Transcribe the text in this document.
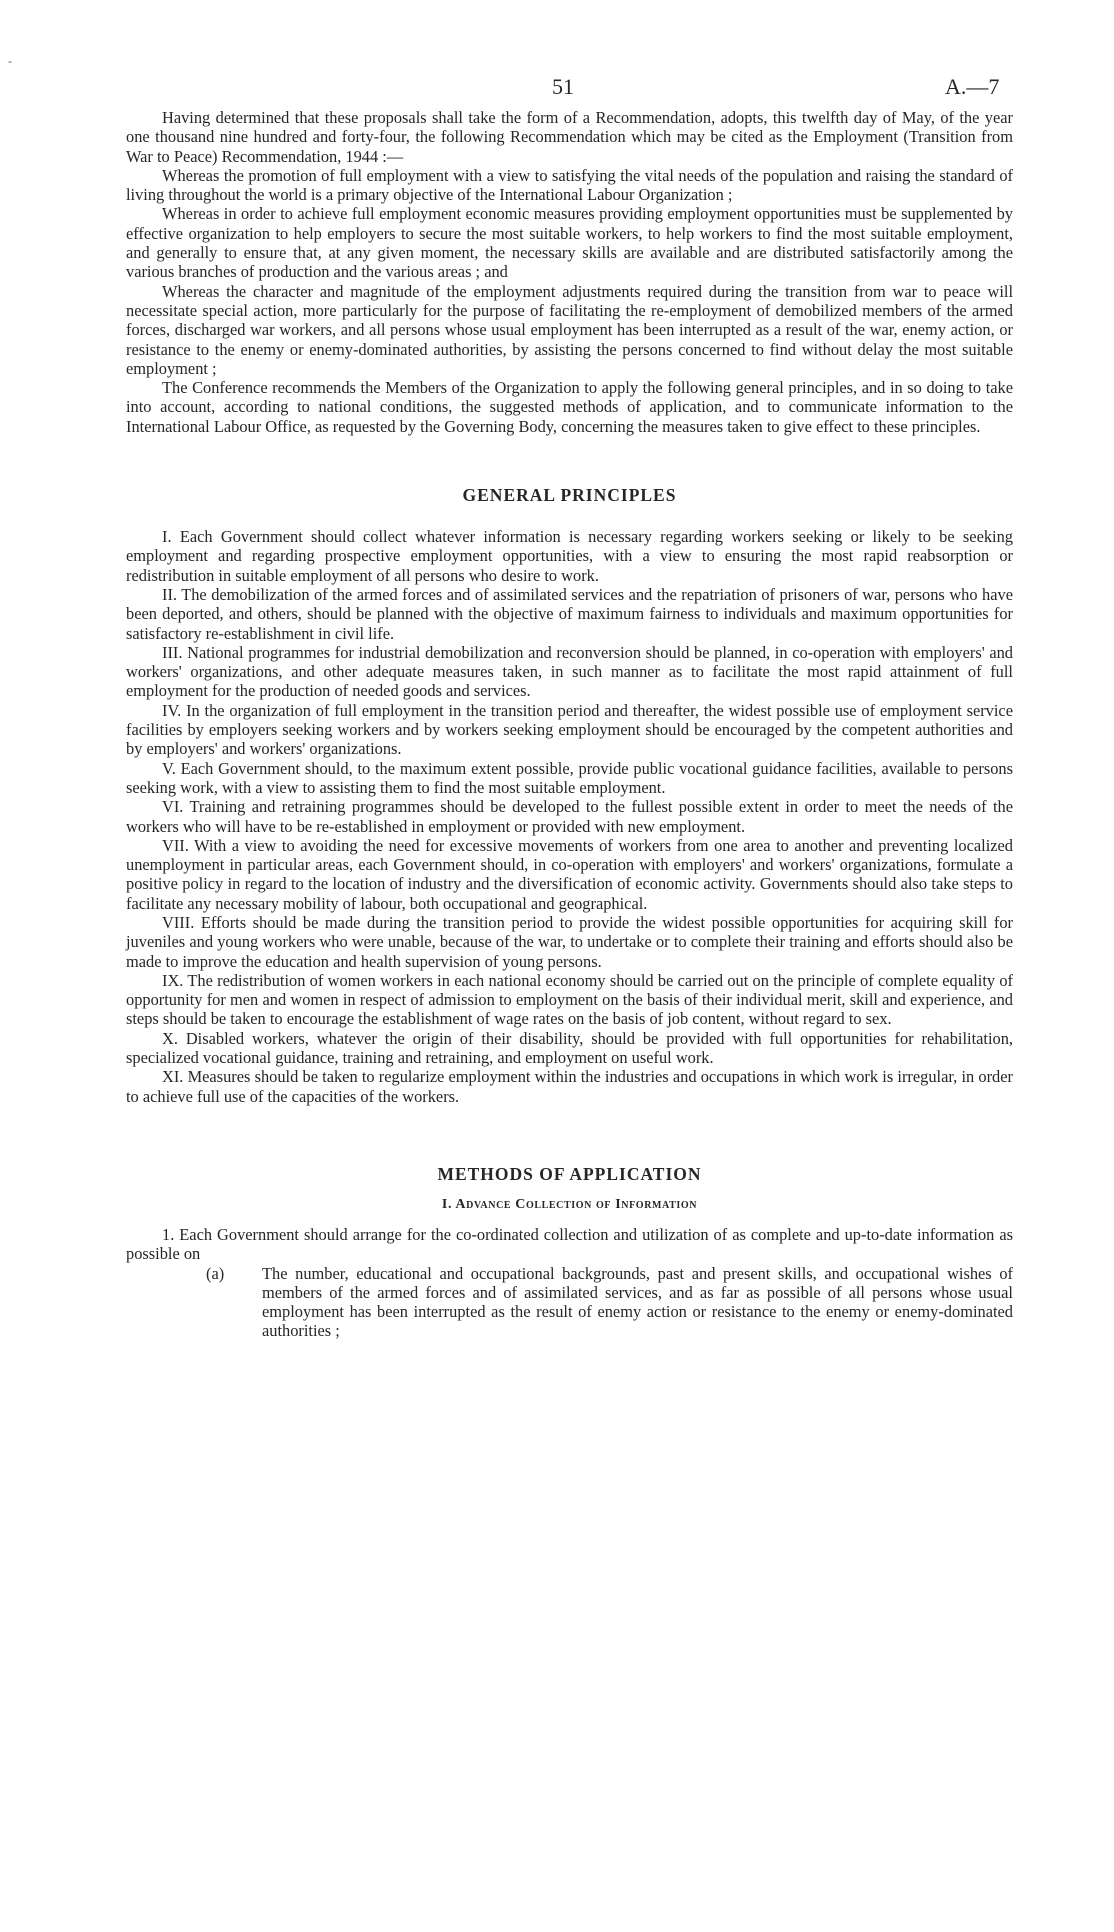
-
51	A.—7

Having determined that these proposals shall take the form of a Recommendation, adopts, this twelfth day of May, of the year one thousand nine hundred and forty-four, the following Recommendation which may be cited as the Employment (Transition from War to Peace) Recommendation, 1944 :—

Whereas the promotion of full employment with a view to satisfying the vital needs of the population and raising the standard of living throughout the world is a primary objective of the International Labour Organization ;

Whereas in order to achieve full employment economic measures providing employment opportunities must be supplemented by effective organization to help employers to secure the most suitable workers, to help workers to find the most suitable employment, and generally to ensure that, at any given moment, the necessary skills are available and are distributed satisfactorily among the various branches of production and the various areas ; and

Whereas the character and magnitude of the employment adjustments required during the transition from war to peace will necessitate special action, more particularly for the purpose of facilitating the re-employment of demobilized members of the armed forces, discharged war workers, and all persons whose usual employment has been interrupted as a result of the war, enemy action, or resistance to the enemy or enemy-dominated authorities, by assisting the persons concerned to find without delay the most suitable employment ;

The Conference recommends the Members of the Organization to apply the following general principles, and in so doing to take into account, according to national conditions, the suggested methods of application, and to communicate information to the International Labour Office, as requested by the Governing Body, concerning the measures taken to give effect to these principles.

GENERAL PRINCIPLES

I. Each Government should collect whatever information is necessary regarding workers seeking or likely to be seeking employment and regarding prospective employment opportunities, with a view to ensuring the most rapid reabsorption or redistribution in suitable employment of all persons who desire to work.

II. The demobilization of the armed forces and of assimilated services and the repatriation of prisoners of war, persons who have been deported, and others, should be planned with the objective of maximum fairness to individuals and maximum opportunities for satisfactory re-establishment in civil life.

III. National programmes for industrial demobilization and reconversion should be planned, in co-operation with employers' and workers' organizations, and other adequate measures taken, in such manner as to facilitate the most rapid attainment of full employment for the production of needed goods and services.

IV. In the organization of full employment in the transition period and thereafter, the widest possible use of employment service facilities by employers seeking workers and by workers seeking employment should be encouraged by the competent authorities and by employers' and workers' organizations.

V. Each Government should, to the maximum extent possible, provide public vocational guidance facilities, available to persons seeking work, with a view to assisting them to find the most suitable employment.

VI. Training and retraining programmes should be developed to the fullest possible extent in order to meet the needs of the workers who will have to be re-established in employment or provided with new employment.

VII. With a view to avoiding the need for excessive movements of workers from one area to another and preventing localized unemployment in particular areas, each Government should, in co-operation with employers' and workers' organizations, formulate a positive policy in regard to the location of industry and the diversification of economic activity. Governments should also take steps to facilitate any necessary mobility of labour, both occupational and geographical.

VIII. Efforts should be made during the transition period to provide the widest possible opportunities for acquiring skill for juveniles and young workers who were unable, because of the war, to undertake or to complete their training and efforts should also be made to improve the education and health supervision of young persons.

IX. The redistribution of women workers in each national economy should be carried out on the principle of complete equality of opportunity for men and women in respect of admission to employment on the basis of their individual merit, skill and experience, and steps should be taken to encourage the establishment of wage rates on the basis of job content, without regard to sex.

X. Disabled workers, whatever the origin of their disability, should be provided with full opportunities for rehabilitation, specialized vocational guidance, training and retraining, and employment on useful work.

XI. Measures should be taken to regularize employment within the industries and occupations in which work is irregular, in order to achieve full use of the capacities of the workers.

METHODS OF APPLICATION
I. Advance Collection of Information

1. Each Government should arrange for the co-ordinated collection and utilization of as complete and up-to-date information as possible on

(a) The number, educational and occupational backgrounds, past and present skills, and occupational wishes of members of the armed forces and of assimilated services, and as far as possible of all persons whose usual employment has been interrupted as the result of enemy action or resistance to the enemy or enemy-dominated authorities ;
